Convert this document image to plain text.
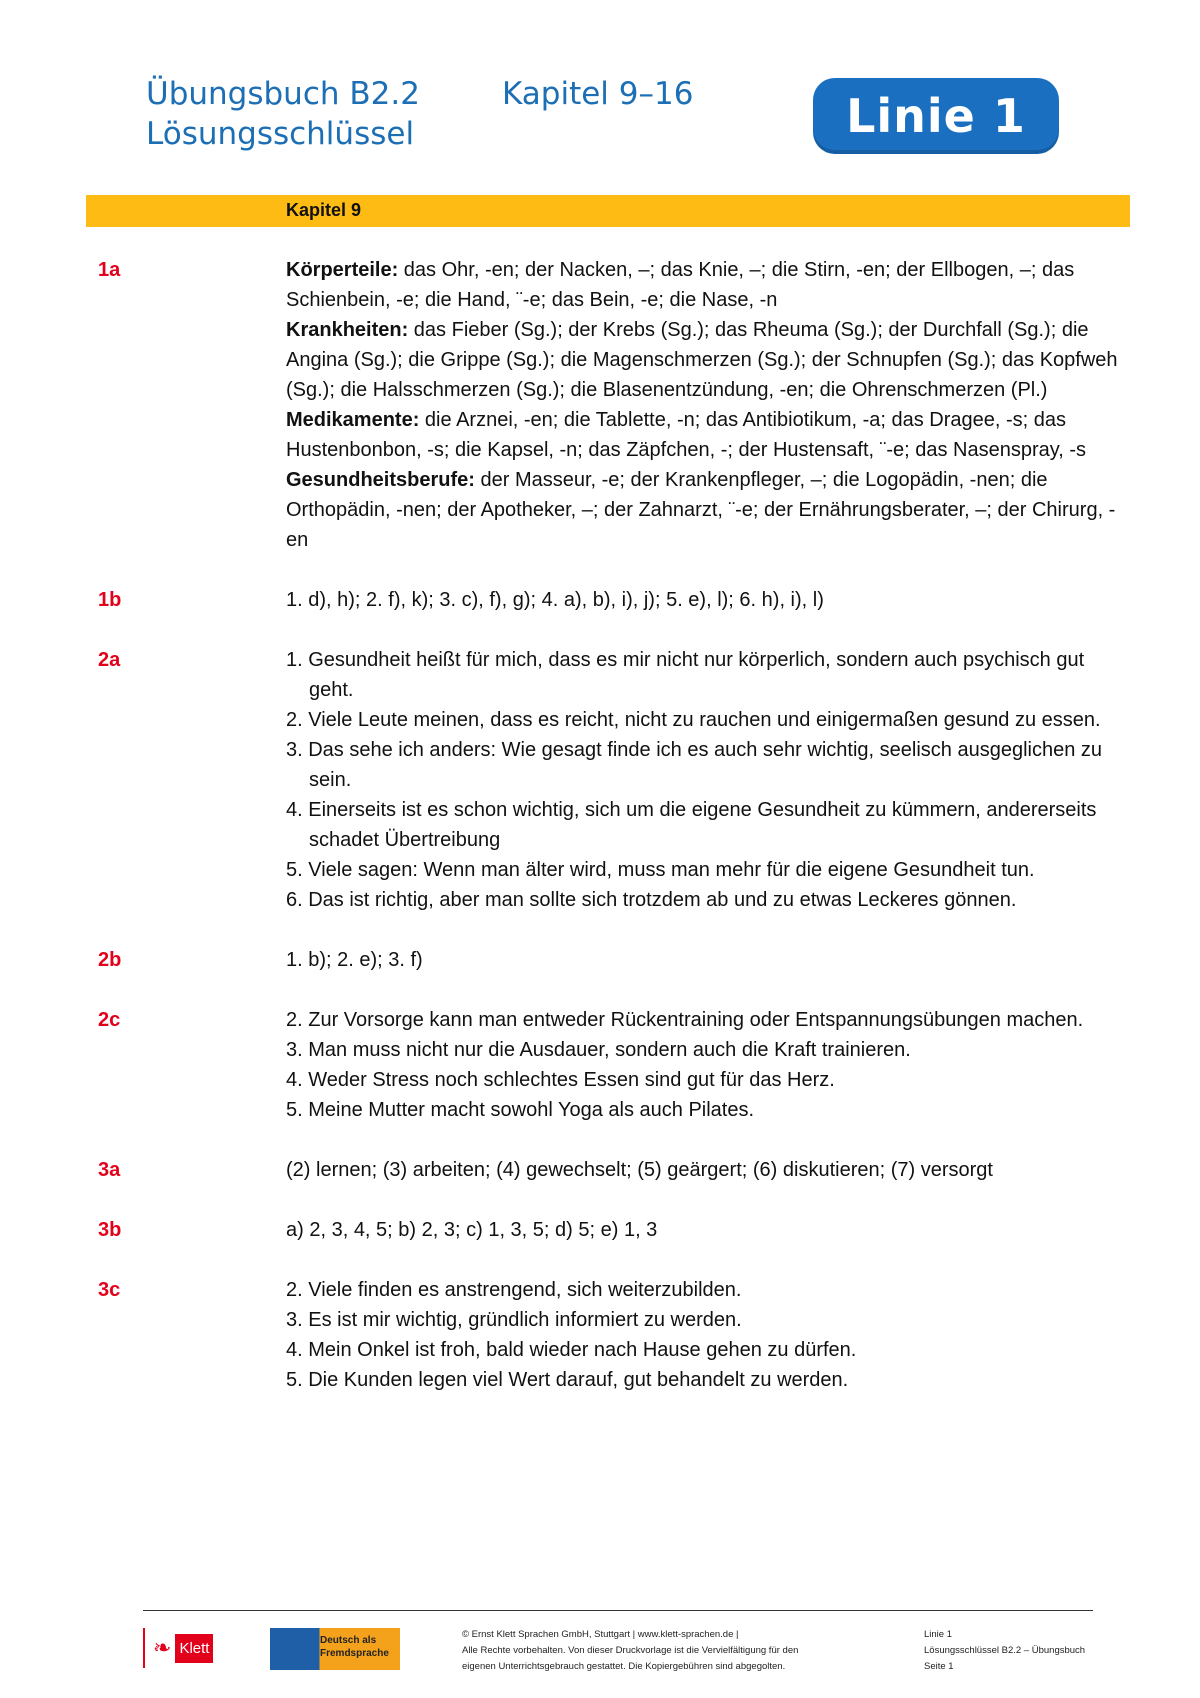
Übungsbuch B2.2
Lösungsschlüssel
Kapitel 9–16	Linie 1
Kapitel 9
1a	Körperteile: das Ohr, -en; der Nacken, –; das Knie, –; die Stirn, -en; der Ellbogen, –; das Schienbein, -e; die Hand, ¨-e; das Bein, -e; die Nase, -n
Krankheiten: das Fieber (Sg.); der Krebs (Sg.); das Rheuma (Sg.); der Durchfall (Sg.); die Angina (Sg.); die Grippe (Sg.); die Magenschmerzen (Sg.); der Schnupfen (Sg.); das Kopfweh (Sg.); die Halsschmerzen (Sg.); die Blasenentzündung, -en; die Ohrenschmerzen (Pl.)
Medikamente: die Arznei, -en; die Tablette, -n; das Antibiotikum, -a; das Dragee, -s; das Hustenbonbon, -s; die Kapsel, -n; das Zäpfchen, -; der Hustensaft, ¨-e; das Nasenspray, -s
Gesundheitsberufe: der Masseur, -e; der Krankenpfleger, –; die Logopädin, -nen; die Orthopädin, -nen; der Apotheker, –; der Zahnarzt, ¨-e; der Ernährungsberater, –; der Chirurg, -en
1b	1. d), h); 2. f), k); 3. c), f), g); 4. a), b), i), j); 5. e), l); 6. h), i), l)
2a	1. Gesundheit heißt für mich, dass es mir nicht nur körperlich, sondern auch psychisch gut geht.
2. Viele Leute meinen, dass es reicht, nicht zu rauchen und einigermaßen gesund zu essen.
3. Das sehe ich anders: Wie gesagt finde ich es auch sehr wichtig, seelisch ausgeglichen zu sein.
4. Einerseits ist es schon wichtig, sich um die eigene Gesundheit zu kümmern, andererseits schadet Übertreibung
5. Viele sagen: Wenn man älter wird, muss man mehr für die eigene Gesundheit tun.
6. Das ist richtig, aber man sollte sich trotzdem ab und zu etwas Leckeres gönnen.
2b	1. b); 2. e); 3. f)
2c	2. Zur Vorsorge kann man entweder Rückentraining oder Entspannungsübungen machen.
3. Man muss nicht nur die Ausdauer, sondern auch die Kraft trainieren.
4. Weder Stress noch schlechtes Essen sind gut für das Herz.
5. Meine Mutter macht sowohl Yoga als auch Pilates.
3a	(2) lernen; (3) arbeiten; (4) gewechselt; (5) geärgert; (6) diskutieren; (7) versorgt
3b	a) 2, 3, 4, 5; b) 2, 3; c) 1, 3, 5; d) 5; e) 1, 3
3c	2. Viele finden es anstrengend, sich weiterzubilden.
3. Es ist mir wichtig, gründlich informiert zu werden.
4. Mein Onkel ist froh, bald wieder nach Hause gehen zu dürfen.
5. Die Kunden legen viel Wert darauf, gut behandelt zu werden.
❧ Klett	Deutsch als Fremdsprache
© Ernst Klett Sprachen GmbH, Stuttgart | www.klett-sprachen.de |
Alle Rechte vorbehalten. Von dieser Druckvorlage ist die Vervielfältigung für den
eigenen Unterrichtsgebrauch gestattet. Die Kopiergebühren sind abgegolten.
Linie 1
Lösungsschlüssel B2.2 – Übungsbuch
Seite 1
